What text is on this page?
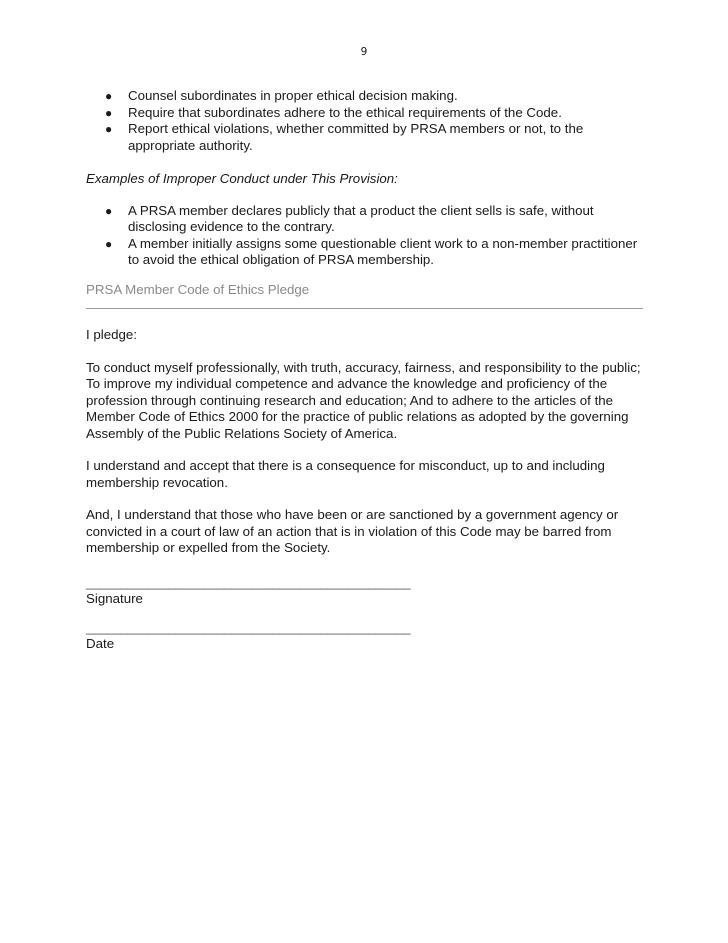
9
● Counsel subordinates in proper ethical decision making.
● Require that subordinates adhere to the ethical requirements of the Code.
● Report ethical violations, whether committed by PRSA members or not, to the appropriate authority.
Examples of Improper Conduct under This Provision:
● A PRSA member declares publicly that a product the client sells is safe, without disclosing evidence to the contrary.
● A member initially assigns some questionable client work to a non-member practitioner to avoid the ethical obligation of PRSA membership.
PRSA Member Code of Ethics Pledge

I pledge:

To conduct myself professionally, with truth, accuracy, fairness, and responsibility to the public; To improve my individual competence and advance the knowledge and proficiency of the profession through continuing research and education; And to adhere to the articles of the Member Code of Ethics 2000 for the practice of public relations as adopted by the governing Assembly of the Public Relations Society of America.

I understand and accept that there is a consequence for misconduct, up to and including membership revocation.

And, I understand that those who have been or are sanctioned by a government agency or convicted in a court of law of an action that is in violation of this Code may be barred from membership or expelled from the Society.

_______________________________________________
Signature
_______________________________________________
Date
